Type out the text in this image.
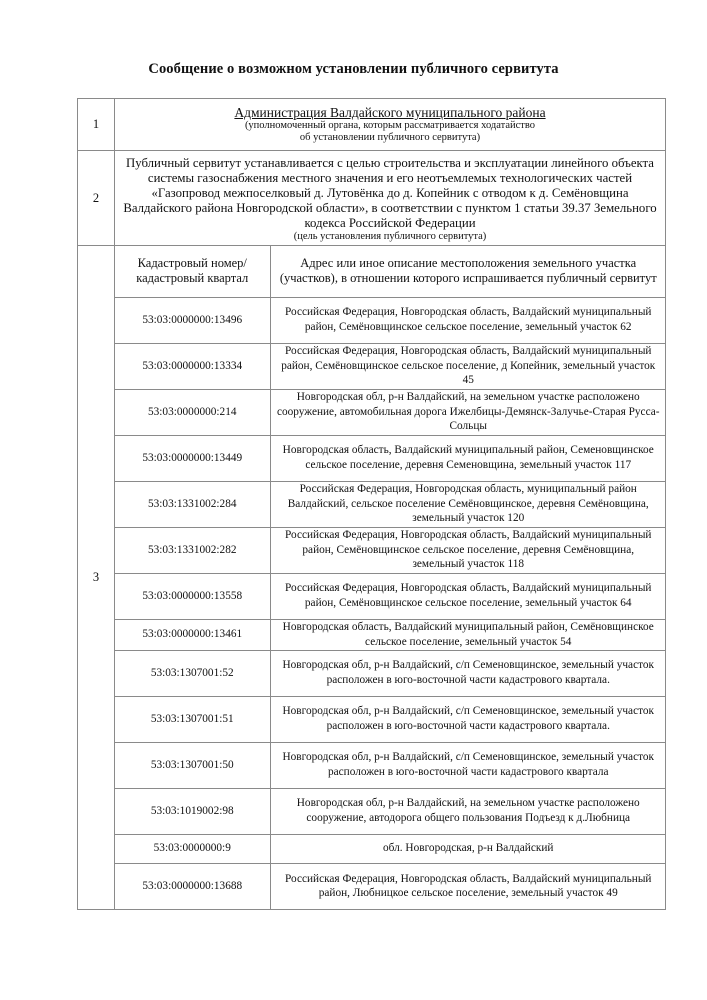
Сообщение о возможном установлении публичного сервитута
1	
Администрация Валдайского муниципального района
(уполномоченный органа, которым рассматривается ходатайство
об установлении публичного сервитута)

2	
Публичный сервитут устанавливается с целью строительства и эксплуатации линейного объекта системы газоснабжения местного значения и его неотъемлемых технологических частей «Газопровод межпоселковый д. Лутовёнка до д. Копейник с отводом к д. Семёновщина Валдайского района Новгородской области», в соответствии с пунктом 1 статьи 39.37 Земельного кодекса Российской Федерации
(цель установления публичного сервитута)

3	
Кадастровый номер/кадастровый квартал	Адрес или иное описание местоположения земельного участка (участков), в отношении которого испрашивается публичный сервитут
53:03:0000000:13496	Российская Федерация, Новгородская область, Валдайский муниципальный район, Семёновщинское сельское поселение, земельный участок 62
53:03:0000000:13334	Российская Федерация, Новгородская область, Валдайский муниципальный район, Семёновщинское сельское поселение, д Копейник, земельный участок 45
53:03:0000000:214	Новгородская обл, р-н Валдайский, на земельном участке расположено сооружение, автомобильная дорога Ижелбицы-Демянск-Залучье-Старая Русса-Сольцы
53:03:0000000:13449	Новгородская область, Валдайский муниципальный район, Семеновщинское сельское поселение, деревня Семеновщина, земельный участок 117
53:03:1331002:284	Российская Федерация, Новгородская область, муниципальный район Валдайский, сельское поселение Семёновщинское, деревня Семёновщина, земельный участок 120
53:03:1331002:282	Российская Федерация, Новгородская область, Валдайский муниципальный район, Семёновщинское сельское поселение, деревня Семёновщина, земельный участок 118
53:03:0000000:13558	Российская Федерация, Новгородская область, Валдайский муниципальный район, Семёновщинское сельское поселение, земельный участок 64
53:03:0000000:13461	Новгородская область, Валдайский муниципальный район, Семёновщинское сельское поселение, земельный участок 54
53:03:1307001:52	Новгородская обл, р-н Валдайский, с/п Семеновщинское, земельный участок расположен в юго-восточной части кадастрового квартала.
53:03:1307001:51	Новгородская обл, р-н Валдайский, с/п Семеновщинское, земельный участок расположен в юго-восточной части кадастрового квартала.
53:03:1307001:50	Новгородская обл, р-н Валдайский, с/п Семеновщинское, земельный участок расположен в юго-восточной части кадастрового квартала
53:03:1019002:98	Новгородская обл, р-н Валдайский, на земельном участке расположено сооружение, автодорога общего пользования Подъезд к д.Любница
53:03:0000000:9	обл. Новгородская, р-н Валдайский
53:03:0000000:13688	Российская Федерация, Новгородская область, Валдайский муниципальный район, Любницкое сельское поселение, земельный участок 49
